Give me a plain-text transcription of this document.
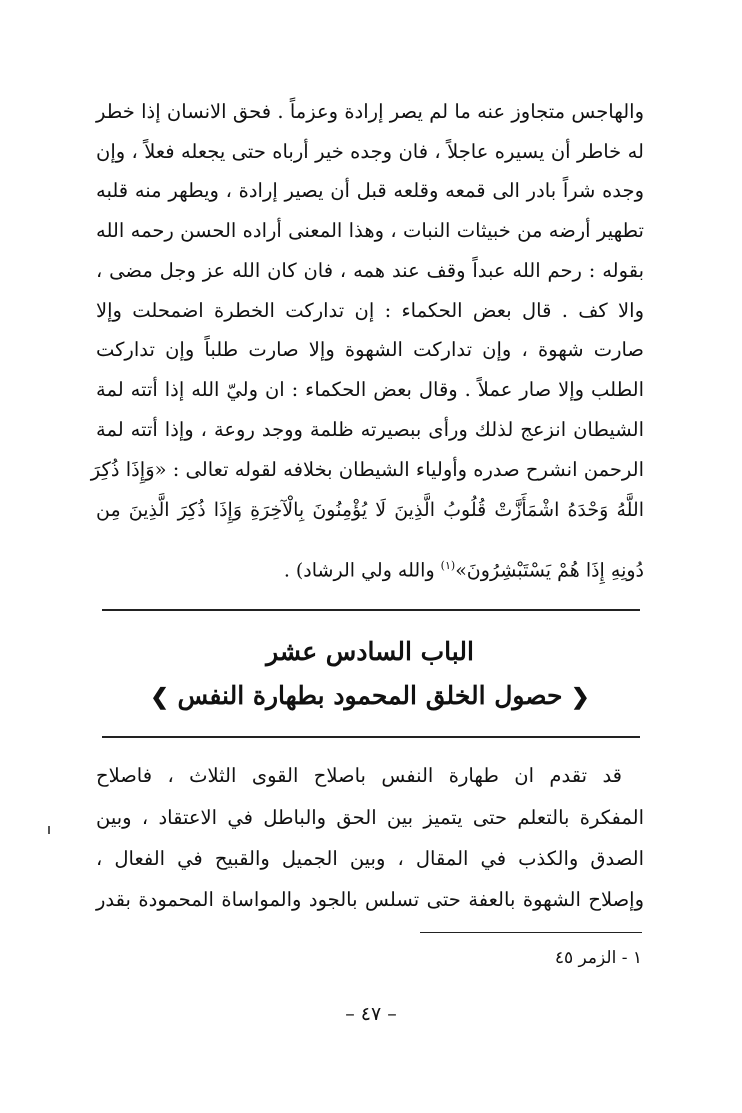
والهاجس متجاوز عنه ما لم يصر إرادة وعزماً . فحق الانسان إذا خطر
له خاطر أن يسيره عاجلاً ، فان وجده خير أرباه حتى يجعله فعلاً ، وإن
وجده شراً بادر الى قمعه وقلعه قبل أن يصير إرادة ، ويطهر منه قلبه
تطهير أرضه من خبيثات النبات ، وهذا المعنى أراده الحسن رحمه الله
بقوله : رحم الله عبداً وقف عند همه ، فان كان الله عز وجل مضى ،
والا كف . قال بعض الحكماء : إن تداركت الخطرة اضمحلت وإلا
صارت شهوة ، وإن تداركت الشهوة وإلا صارت طلباً وإن تداركت
الطلب وإلا صار عملاً . وقال بعض الحكماء : ان وليّ الله إذا أتته لمة
الشيطان انزعج لذلك ورأى ببصيرته ظلمة ووجد روعة ، وإذا أتته لمة
الرحمن انشرح صدره وأولياء الشيطان بخلافه لقوله تعالى : «وَإِذَا ذُكِرَ
اللَّهُ وَحْدَهُ اشْمَأَزَّتْ قُلُوبُ الَّذِينَ لَا يُؤْمِنُونَ بِالْآخِرَةِ وَإِذَا ذُكِرَ الَّذِينَ مِن
دُونِهِ إِذَا هُمْ يَسْتَبْشِرُونَ»$^{(١)}$ والله ولي الرشاد) .
الباب السادس عشر
❮ حصول الخلق المحمود بطهارة النفس ❯
قد تقدم ان طهارة النفس باصلاح القوى الثلاث ، فاصلاح
المفكرة بالتعلم حتى يتميز بين الحق والباطل في الاعتقاد ، وبين
الصدق والكذب في المقال ، وبين الجميل والقبيح في الفعال ،
وإصلاح الشهوة بالعفة حتى تسلس بالجود والمواساة المحمودة بقدر
١ - الزمر ٤٥
– ٤٧ –
